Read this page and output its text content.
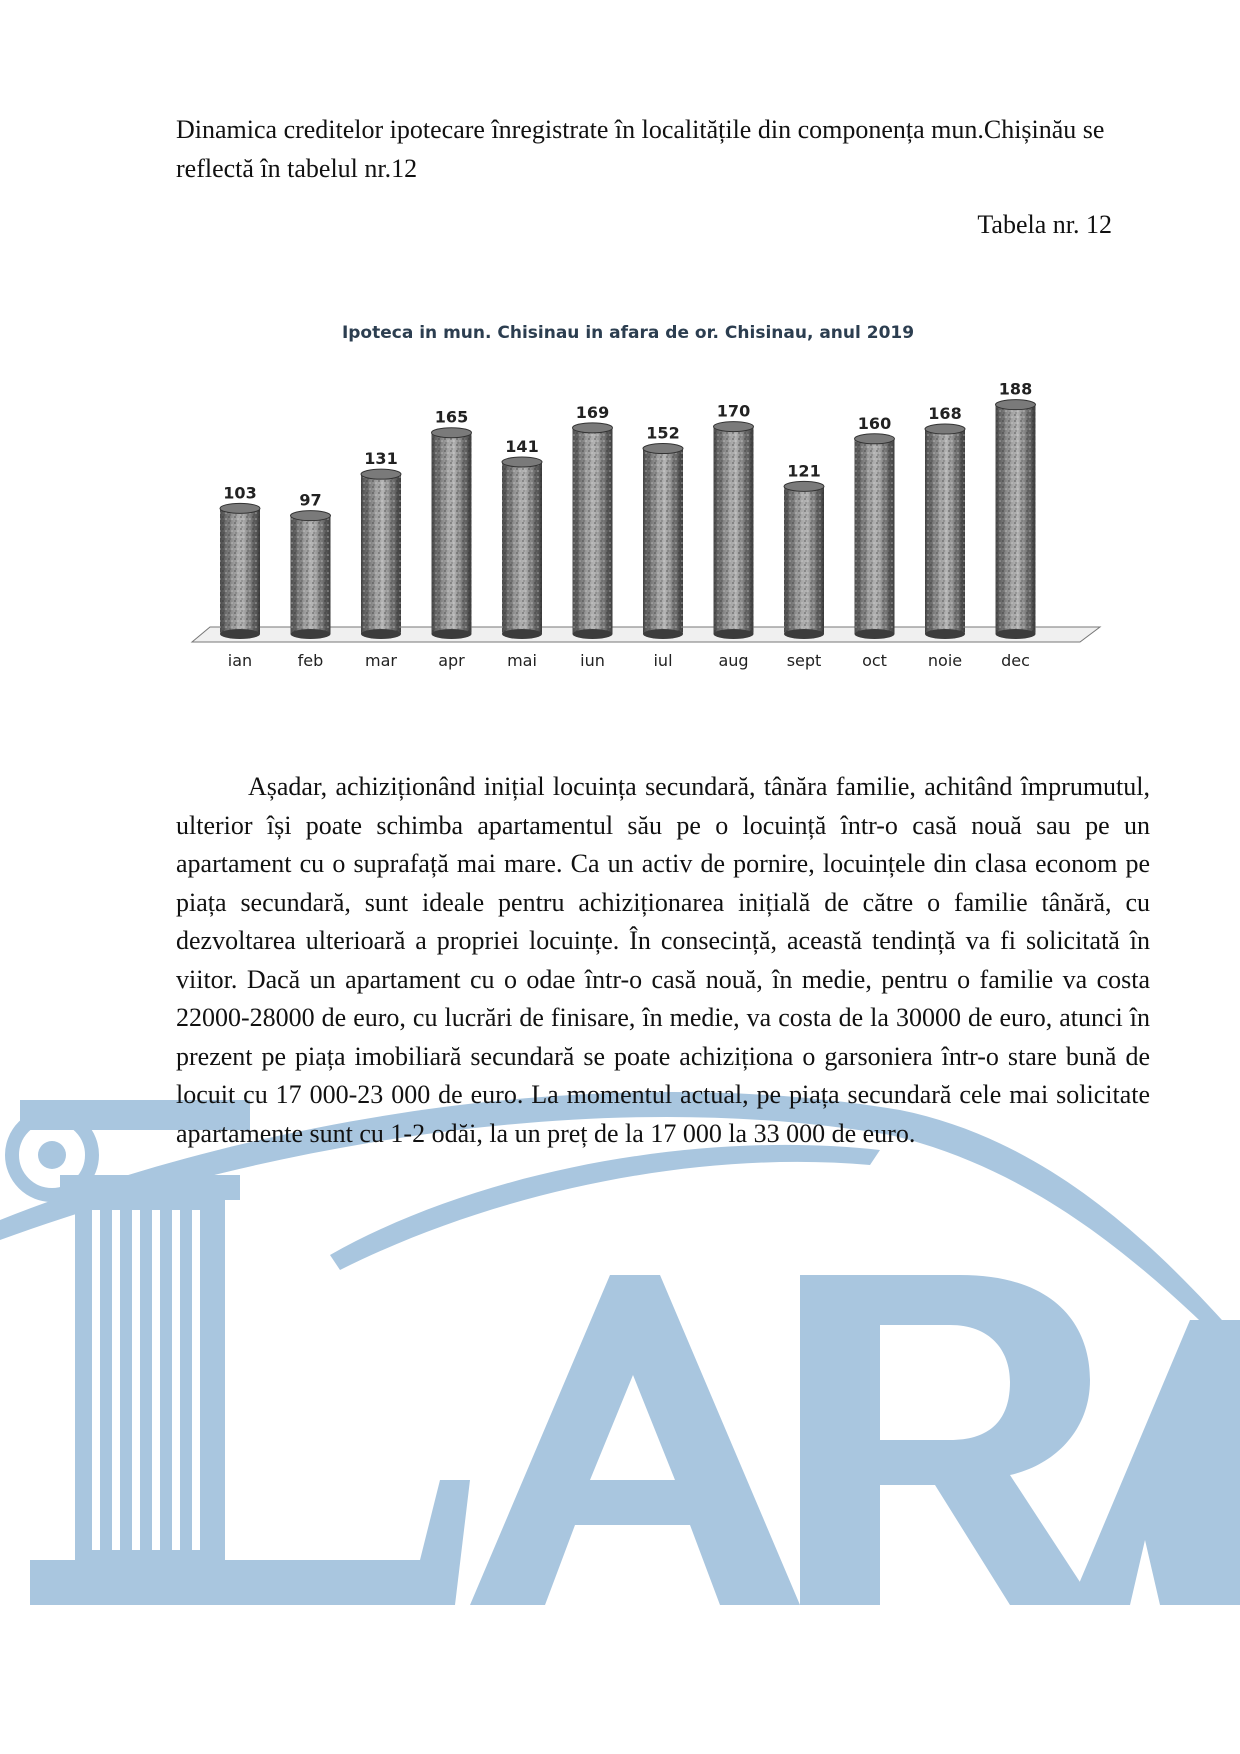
Dinamica creditelor ipotecare înregistrate în localitățile din componența mun.Chișinău se reflectă în tabelul nr.12

Tabela nr. 12
Ipoteca in mun. Chisinau in afara de or. Chisinau, anul 2019
103
ian
97
feb
131
mar
165
apr
141
mai
169
iun
152
iul
170
aug
121
sept
160
oct
168
noie
188
dec

Așadar, achiziționând inițial locuința secundară, tânăra familie, achitând împrumutul, ulterior își poate schimba apartamentul său pe o locuință într-o casă nouă sau pe un apartament cu o suprafață mai mare. Ca un activ de pornire, locuințele din clasa econom pe piața secundară, sunt ideale pentru achiziționarea inițială de către o familie tânără, cu dezvoltarea ulterioară a propriei locuințe. În consecință, această tendință va fi solicitată în viitor. Dacă un apartament cu o odae într-o casă nouă, în medie, pentru o familie va costa 22000-28000 de euro, cu lucrări de finisare, în medie, va costa de la 30000 de euro, atunci în prezent pe piața imobiliară secundară se poate achiziționa o garsoniera într-o stare bună de locuit cu 17 000-23 000 de euro. La momentul actual, pe piața secundară cele mai solicitate apartamente sunt cu 1-2 odăi, la un preț de la 17 000 la 33 000 de euro.
